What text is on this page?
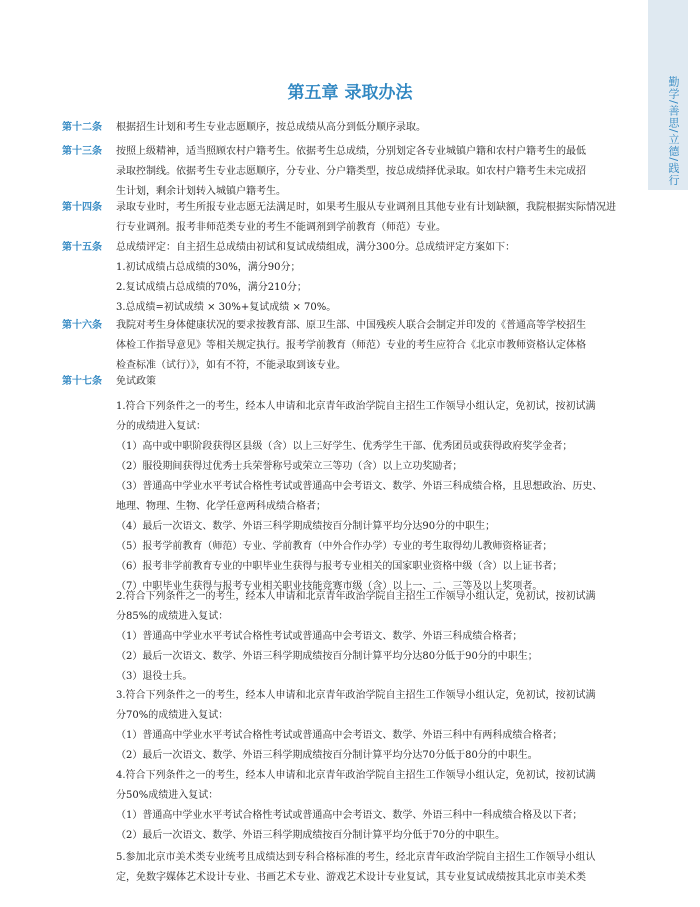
勤学/善思/立德/践行
第五章 录取办法
第十二条	根据招生计划和考生专业志愿顺序，按总成绩从高分到低分顺序录取。

第十三条	按照上级精神，适当照顾农村户籍考生。依据考生总成绩，分别划定各专业城镇户籍和农村户籍考生的最低

录取控制线。依据考生专业志愿顺序，分专业、分户籍类型，按总成绩择优录取。如农村户籍考生未完成招

生计划，剩余计划转入城镇户籍考生。

第十四条	录取专业时，考生所报专业志愿无法满足时，如果考生服从专业调剂且其他专业有计划缺额，我院根据实际情况进

行专业调剂。报考非师范类专业的考生不能调剂到学前教育（师范）专业。

第十五条	总成绩评定：自主招生总成绩由初试和复试成绩组成，满分300分。总成绩评定方案如下：

1.初试成绩占总成绩的30%，满分90分；

2.复试成绩占总成绩的70%，满分210分；

3.总成绩=初试成绩 × 30%+复试成绩 × 70%。

第十六条	我院对考生身体健康状况的要求按教育部、原卫生部、中国残疾人联合会制定并印发的《普通高等学校招生

体检工作指导意见》等相关规定执行。报考学前教育（师范）专业的考生应符合《北京市教师资格认定体格

检查标准（试行）》，如有不符，不能录取到该专业。

第十七条	免试政策

1.符合下列条件之一的考生，经本人申请和北京青年政治学院自主招生工作领导小组认定，免初试，按初试满

分的成绩进入复试：

（1）高中或中职阶段获得区县级（含）以上三好学生、优秀学生干部、优秀团员或获得政府奖学金者；

（2）服役期间获得过优秀士兵荣誉称号或荣立三等功（含）以上立功奖励者；

（3）普通高中学业水平考试合格性考试或普通高中会考语文、数学、外语三科成绩合格，且思想政治、历史、

地理、物理、生物、化学任意两科成绩合格者；

（4）最后一次语文、数学、外语三科学期成绩按百分制计算平均分达90分的中职生；

（5）报考学前教育（师范）专业、学前教育（中外合作办学）专业的考生取得幼儿教师资格证者；

（6）报考非学前教育专业的中职毕业生获得与报考专业相关的国家职业资格中级（含）以上证书者；

（7）中职毕业生获得与报考专业相关职业技能竞赛市级（含）以上一、二、三等及以上奖项者。

2.符合下列条件之一的考生，经本人申请和北京青年政治学院自主招生工作领导小组认定，免初试，按初试满

分85%的成绩进入复试：

（1）普通高中学业水平考试合格性考试或普通高中会考语文、数学、外语三科成绩合格者；

（2）最后一次语文、数学、外语三科学期成绩按百分制计算平均分达80分低于90分的中职生；

（3）退役士兵。

3.符合下列条件之一的考生，经本人申请和北京青年政治学院自主招生工作领导小组认定，免初试，按初试满

分70%的成绩进入复试：

（1）普通高中学业水平考试合格性考试或普通高中会考语文、数学、外语三科中有两科成绩合格者；

（2）最后一次语文、数学、外语三科学期成绩按百分制计算平均分达70分低于80分的中职生。

4.符合下列条件之一的考生，经本人申请和北京青年政治学院自主招生工作领导小组认定，免初试，按初试满

分50%成绩进入复试：

（1）普通高中学业水平考试合格性考试或普通高中会考语文、数学、外语三科中一科成绩合格及以下者；

（2）最后一次语文、数学、外语三科学期成绩按百分制计算平均分低于70分的中职生。

5.参加北京市美术类专业统考且成绩达到专科合格标准的考生，经北京青年政治学院自主招生工作领导小组认

定，免数字媒体艺术设计专业、书画艺术专业、游戏艺术设计专业复试，其专业复试成绩按其北京市美术类
